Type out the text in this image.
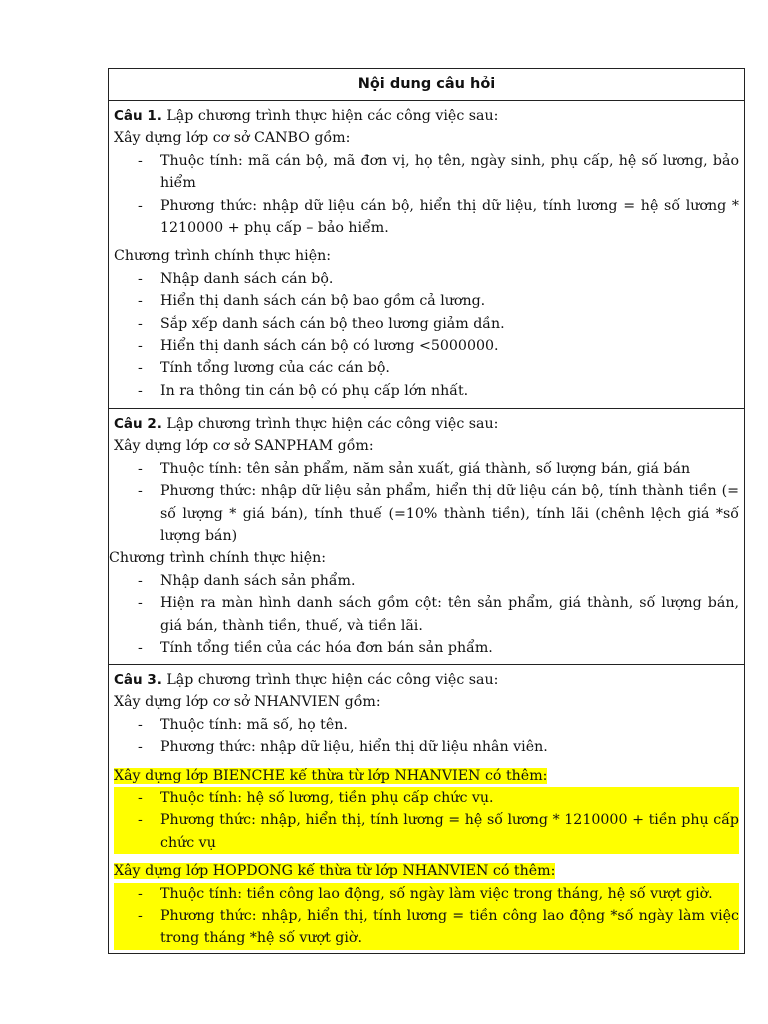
Nội dung câu hỏi

Câu 1. Lập chương trình thực hiện các công việc sau:

Xây dựng lớp cơ sở CANBO gồm:

- Thuộc tính: mã cán bộ, mã đơn vị, họ tên, ngày sinh, phụ cấp, hệ số lương, bảo hiểm
- Phương thức: nhập dữ liệu cán bộ, hiển thị dữ liệu, tính lương = hệ số lương * 1210000 + phụ cấp – bảo hiểm.

Chương trình chính thực hiện:

- Nhập danh sách cán bộ.
- Hiển thị danh sách cán bộ bao gồm cả lương.
- Sắp xếp danh sách cán bộ theo lương giảm dần.
- Hiển thị danh sách cán bộ có lương <5000000.
- Tính tổng lương của các cán bộ.
- In ra thông tin cán bộ có phụ cấp lớn nhất.

Câu 2. Lập chương trình thực hiện các công việc sau:

Xây dựng lớp cơ sở SANPHAM gồm:

- Thuộc tính: tên sản phẩm, năm sản xuất, giá thành, số lượng bán, giá bán
- Phương thức: nhập dữ liệu sản phẩm, hiển thị dữ liệu cán bộ, tính thành tiền (= số lượng * giá bán), tính thuế (=10% thành tiền), tính lãi (chênh lệch giá *số lượng bán)

Chương trình chính thực hiện:

- Nhập danh sách sản phẩm.
- Hiện ra màn hình danh sách gồm cột: tên sản phẩm, giá thành, số lượng bán, giá bán, thành tiền, thuế, và tiền lãi.
- Tính tổng tiền của các hóa đơn bán sản phẩm.

Câu 3. Lập chương trình thực hiện các công việc sau:

Xây dựng lớp cơ sở NHANVIEN gồm:

- Thuộc tính: mã số, họ tên.
- Phương thức: nhập dữ liệu, hiển thị dữ liệu nhân viên.

Xây dựng lớp BIENCHE kế thừa từ lớp NHANVIEN có thêm:

- Thuộc tính: hệ số lương, tiền phụ cấp chức vụ.
- Phương thức: nhập, hiển thị, tính lương = hệ số lương * 1210000 + tiền phụ cấp chức vụ

Xây dựng lớp HOPDONG kế thừa từ lớp NHANVIEN có thêm:

- Thuộc tính: tiền công lao động, số ngày làm việc trong tháng, hệ số vượt giờ.
- Phương thức: nhập, hiển thị, tính lương = tiền công lao động *số ngày làm việc trong tháng *hệ số vượt giờ.
